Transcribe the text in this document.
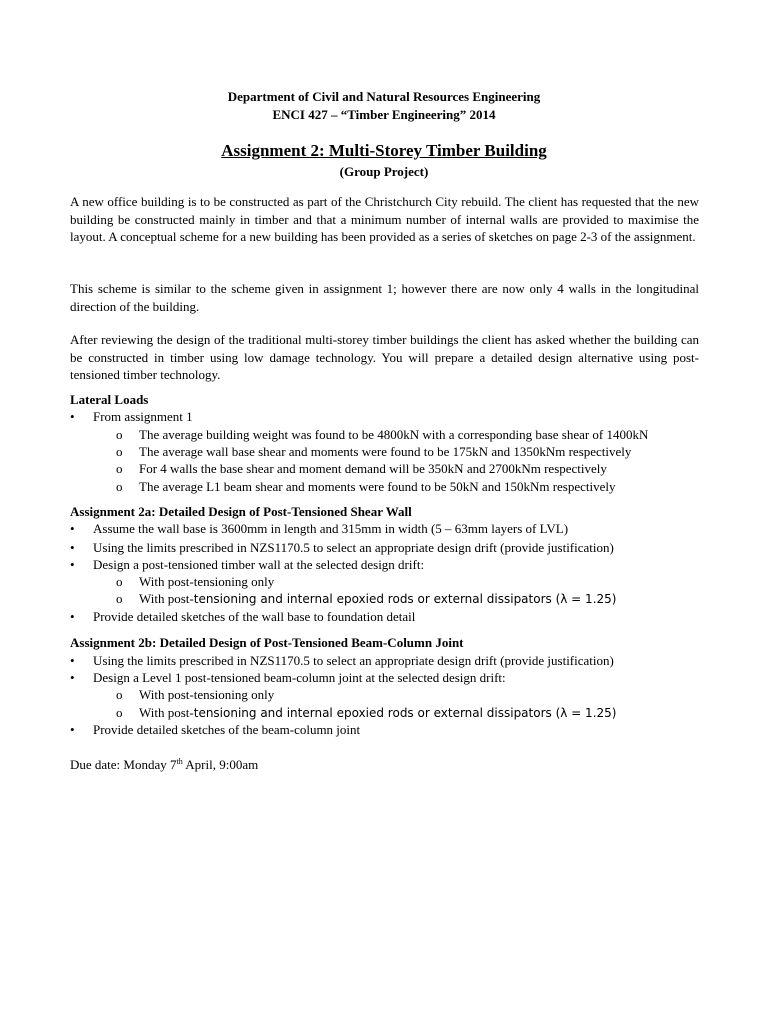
Department of Civil and Natural Resources Engineering
ENCI 427 – “Timber Engineering” 2014
Assignment 2: Multi-Storey Timber Building
(Group Project)
A new office building is to be constructed as part of the Christchurch City rebuild. The client has requested that the new building be constructed mainly in timber and that a minimum number of internal walls are provided to maximise the layout. A conceptual scheme for a new building has been provided as a series of sketches on page 2-3 of the assignment.
This scheme is similar to the scheme given in assignment 1; however there are now only 4 walls in the longitudinal direction of the building.
After reviewing the design of the traditional multi-storey timber buildings the client has asked whether the building can be constructed in timber using low damage technology. You will prepare a detailed design alternative using post-tensioned timber technology.
Lateral Loads
• From assignment 1
o The average building weight was found to be 4800kN with a corresponding base shear of 1400kN
o The average wall base shear and moments were found to be 175kN and 1350kNm respectively
o For 4 walls the base shear and moment demand will be 350kN and 2700kNm respectively
o The average L1 beam shear and moments were found to be 50kN and 150kNm respectively
Assignment 2a: Detailed Design of Post-Tensioned Shear Wall
• Assume the wall base is 3600mm in length and 315mm in width (5 – 63mm layers of LVL)
• Using the limits prescribed in NZS1170.5 to select an appropriate design drift (provide justification)
• Design a post-tensioned timber wall at the selected design drift:
o With post-tensioning only
o With post-tensioning and internal epoxied rods or external dissipators (λ = 1.25)
• Provide detailed sketches of the wall base to foundation detail
Assignment 2b: Detailed Design of Post-Tensioned Beam-Column Joint
• Using the limits prescribed in NZS1170.5 to select an appropriate design drift (provide justification)
• Design a Level 1 post-tensioned beam-column joint at the selected design drift:
o With post-tensioning only
o With post-tensioning and internal epoxied rods or external dissipators (λ = 1.25)
• Provide detailed sketches of the beam-column joint
Due date: Monday 7th April, 9:00am
